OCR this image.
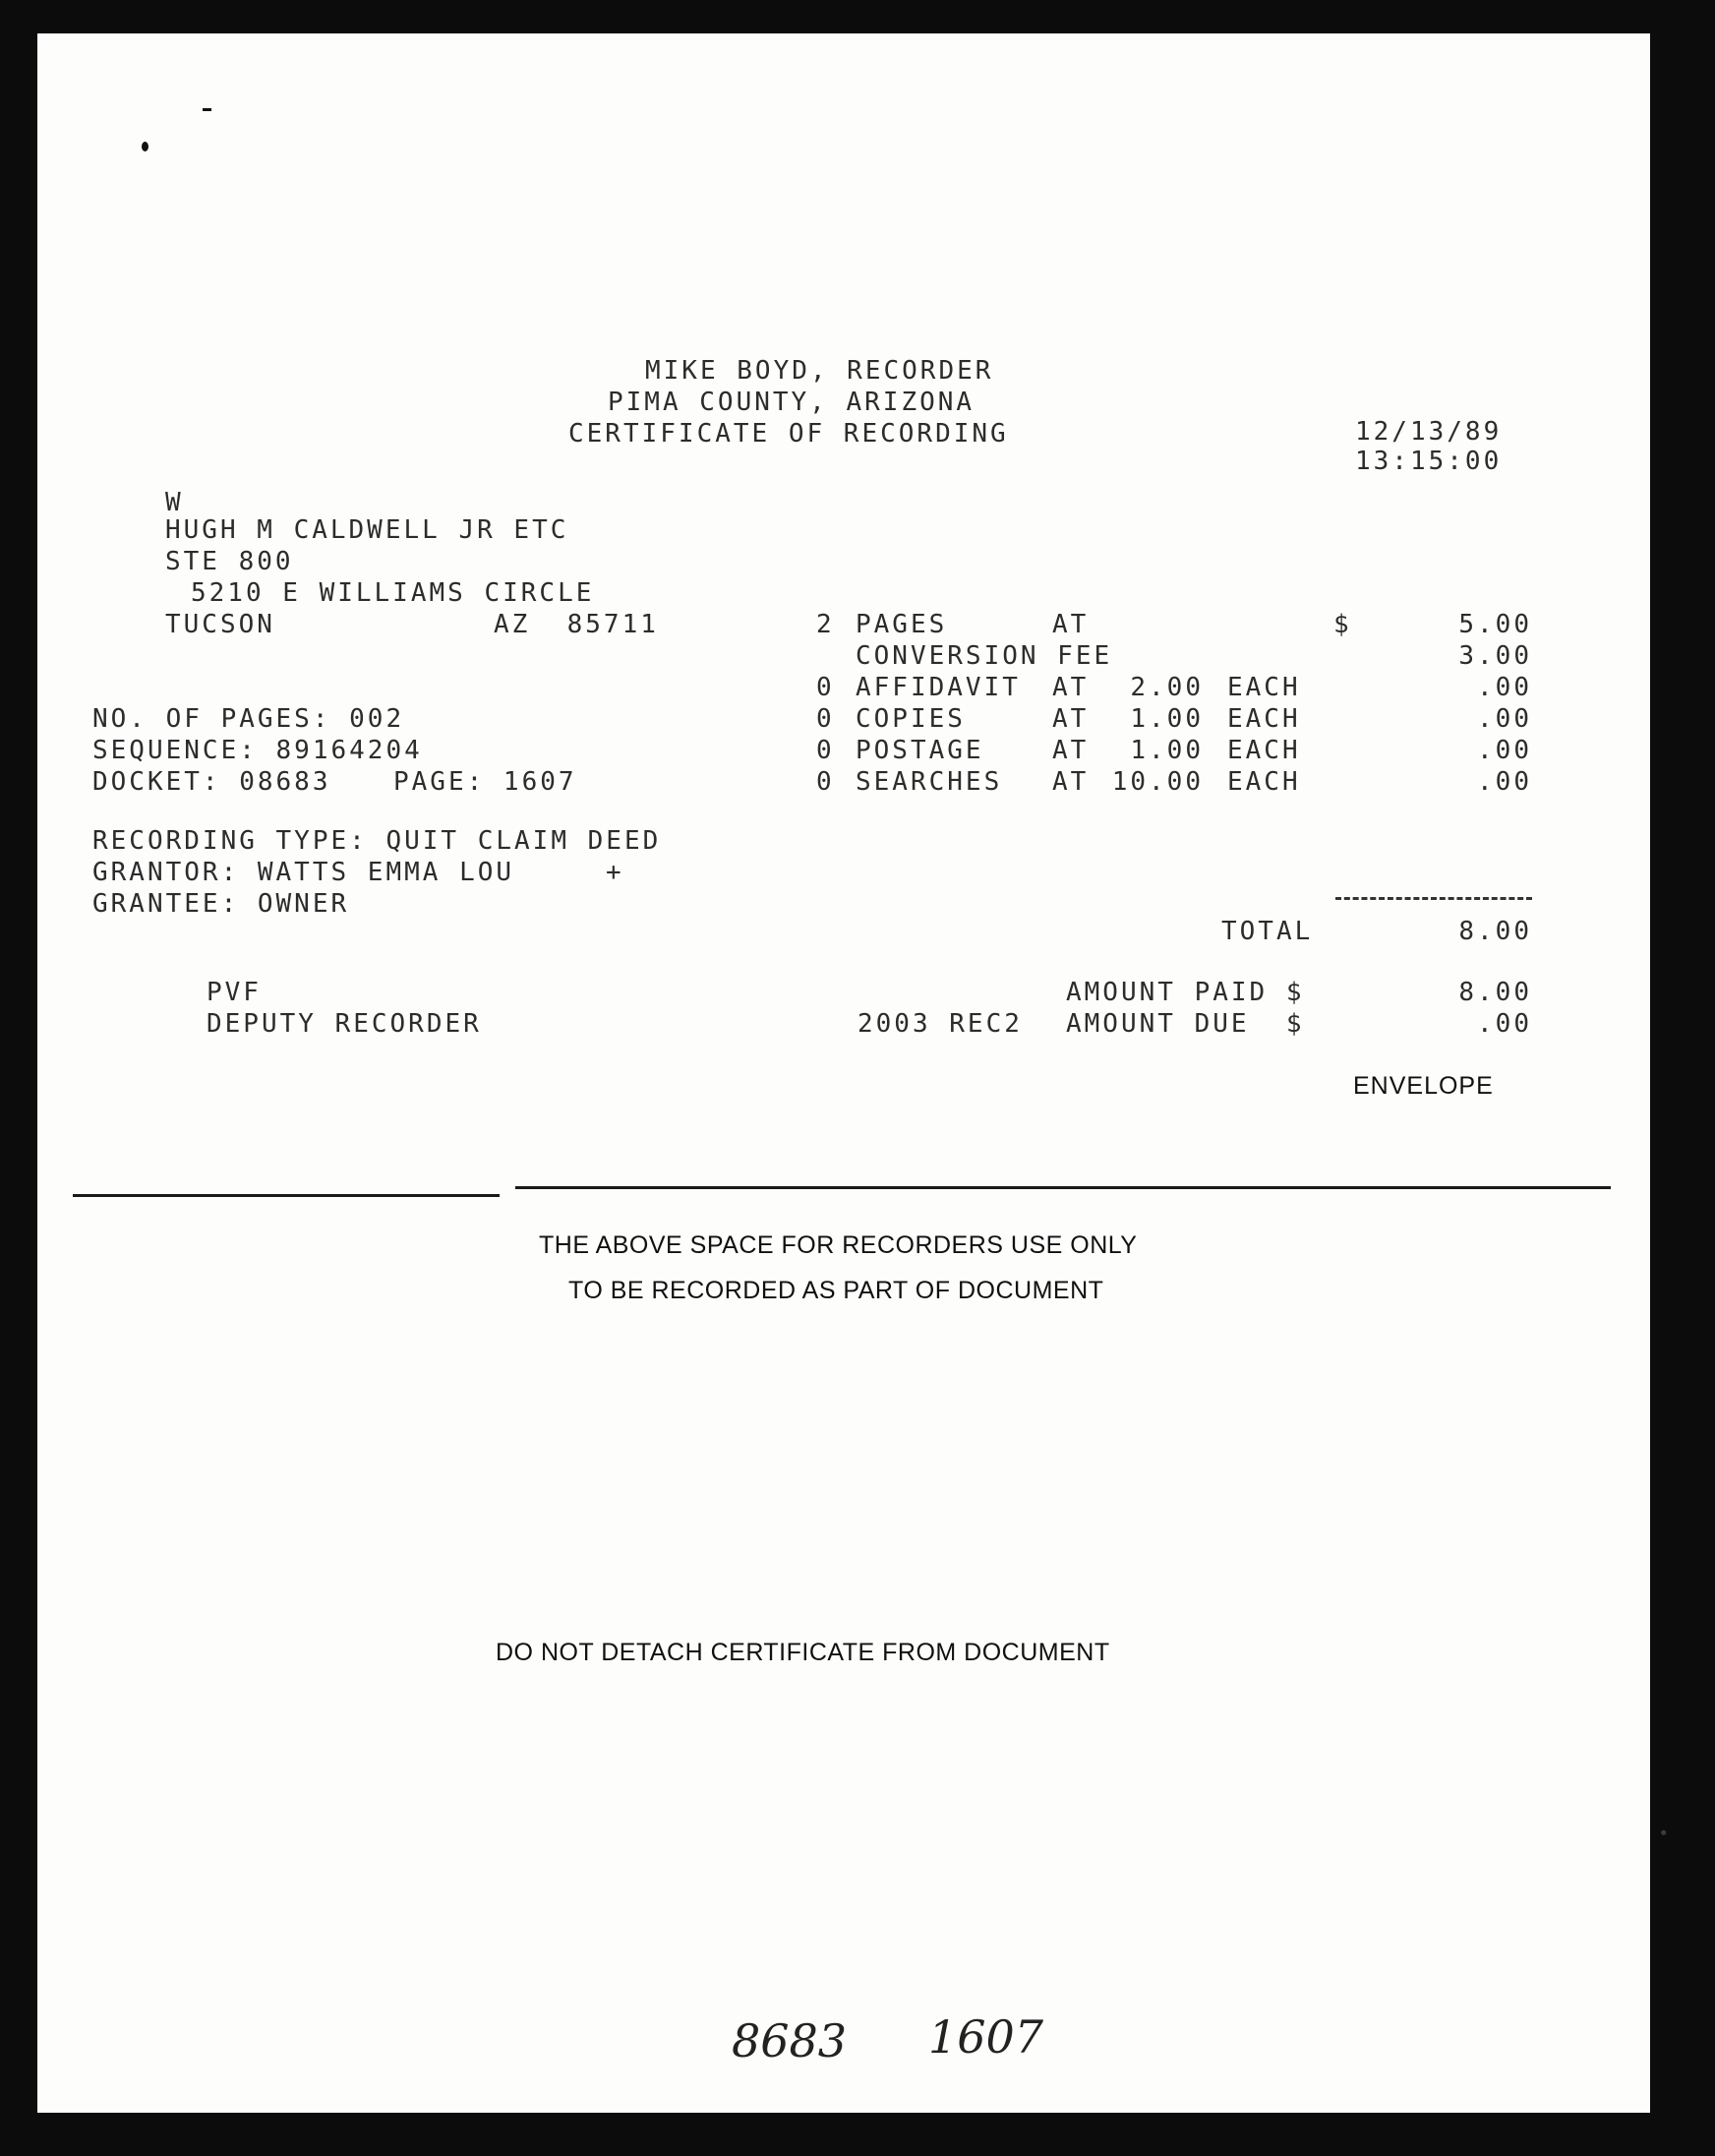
MIKE BOYD, RECORDER
PIMA COUNTY, ARIZONA
CERTIFICATE OF RECORDING	12/13/89
13:15:00
W
HUGH M CALDWELL JR ETC
STE 800
5210 E WILLIAMS CIRCLE
TUCSON	AZ  85711	2 PAGES	AT	$	5.00
CONVERSION FEE	3.00
0 AFFIDAVIT AT	2.00 EACH	.00
0 COPIES	AT	1.00 EACH	.00
0 POSTAGE	AT	1.00 EACH	.00
0 SEARCHES AT 10.00 EACH	.00
NO. OF PAGES: 002
SEQUENCE: 89164204
DOCKET: 08683 PAGE: 1607
RECORDING TYPE: QUIT CLAIM DEED
GRANTOR: WATTS EMMA LOU	+
GRANTEE: OWNER
TOTAL	8.00
PVF
DEPUTY RECORDER	2003 REC2
AMOUNT PAID $	8.00
AMOUNT DUE  $	.00
ENVELOPE
THE ABOVE SPACE FOR RECORDERS USE ONLY
TO BE RECORDED AS PART OF DOCUMENT
DO NOT DETACH CERTIFICATE FROM DOCUMENT
8683 1607
